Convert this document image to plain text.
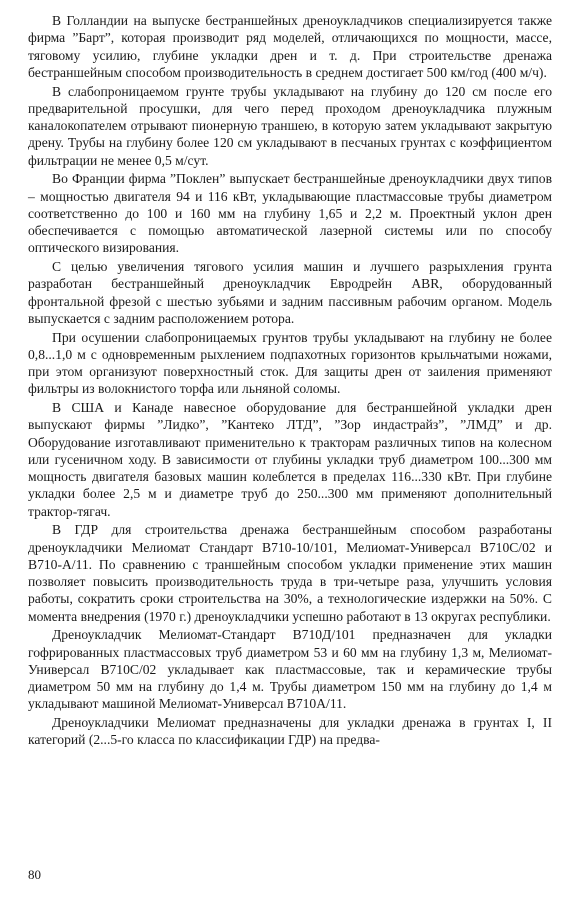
В Голландии на выпуске бестраншейных дреноукладчиков специализируется также фирма ”Барт”, которая производит ряд моделей, отличающихся по мощности, массе, тяговому усилию, глубине укладки дрен и т. д. При строительстве дренажа бестраншейным способом производительность в среднем достигает 500 км/год (400 м/ч).

В слабопроницаемом грунте трубы укладывают на глубину до 120 см после его предварительной просушки, для чего перед проходом дреноукладчика плужным каналокопателем отрывают пионерную траншею, в которую затем укладывают закрытую дрену. Трубы на глубину более 120 см укладывают в песчаных грунтах с коэффициентом фильтрации не менее 0,5 м/сут.

Во Франции фирма ”Поклен” выпускает бестраншейные дреноукладчики двух типов – мощностью двигателя 94 и 116 кВт, укладывающие пластмассовые трубы диаметром соответственно до 100 и 160 мм на глубину 1,65 и 2,2 м. Проектный уклон дрен обеспечивается с помощью автоматической лазерной системы или по способу оптического визирования.

С целью увеличения тягового усилия машин и лучшего разрыхления грунта разработан бестраншейный дреноукладчик Евродрейн ABR, оборудованный фронтальной фрезой с шестью зубьями и задним пассивным рабочим органом. Модель выпускается с задним расположением ротора.

При осушении слабопроницаемых грунтов трубы укладывают на глубину не более 0,8...1,0 м с одновременным рыхлением подпахотных горизонтов крыльчатыми ножами, при этом организуют поверхностный сток. Для защиты дрен от заиления применяют фильтры из волокнистого торфа или льняной соломы.

В США и Канаде навесное оборудование для бестраншейной укладки дрен выпускают фирмы ”Лидко”, ”Кантеко ЛТД”, ”Зор индастрайз”, ”ЛМД” и др. Оборудование изготавливают применительно к тракторам различных типов на колесном или гусеничном ходу. В зависимости от глубины укладки труб диаметром 100...300 мм мощность двигателя базовых машин колеблется в пределах 116...330 кВт. При глубине укладки более 2,5 м и диаметре труб до 250...300 мм применяют дополнительный трактор-тягач.

В ГДР для строительства дренажа бестраншейным способом разработаны дреноукладчики Мелиомат Стандарт B710-10/101, Мелиомат-Универсал B710C/02 и B710-A/11. По сравнению с траншейным способом укладки применение этих машин позволяет повысить производительность труда в три-четыре раза, улучшить условия работы, сократить сроки строительства на 30%, а технологические издержки на 50%. С момента внедрения (1970 г.) дреноукладчики успешно работают в 13 округах республики.

Дреноукладчик Мелиомат-Стандарт В710Д/101 предназначен для укладки гофрированных пластмассовых труб диаметром 53 и 60 мм на глубину 1,3 м, Мелиомат-Универсал B710C/02 укладывает как пластмассовые, так и керамические трубы диаметром 50 мм на глубину до 1,4 м. Трубы диаметром 150 мм на глубину до 1,4 м укладывают машиной Мелиомат-Универсал B710A/11.

Дреноукладчики Мелиомат предназначены для укладки дренажа в грунтах I, II категорий (2...5-го класса по классификации ГДР) на предва-

80
